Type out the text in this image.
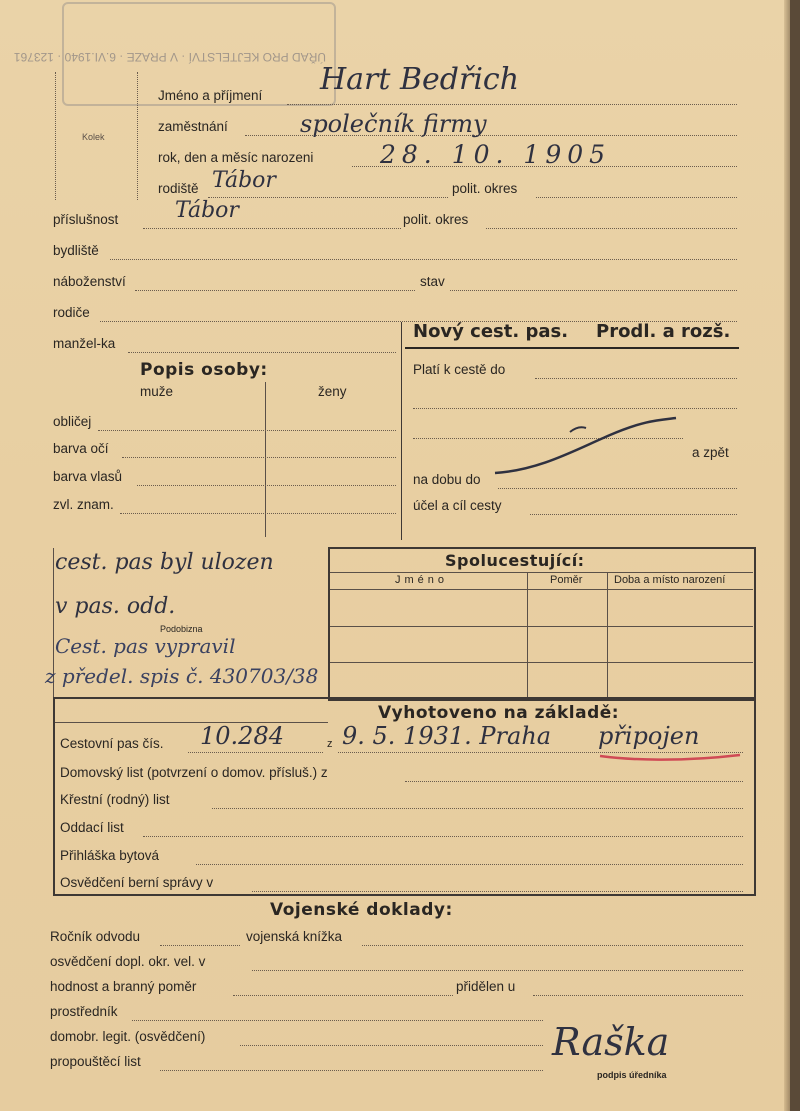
ÚŘAD PRO KEJTELSTVÍ · V PRAZE · 6.VI.1940 · 123761
Kolek
Jméno a příjmení Hart Bedřich
zaměstnání	společník firmy
rok, den a měsíc narozeni	28. 10. 1905
rodiště Tábor	polit. okres
příslušnost	Tábor	polit. okres
bydliště
náboženství	stav
rodiče
manžel-ka
Nový cest. pas. Prodl. a rozš.
Platí k cestě do
a zpět
na dobu do
účel a cíl cesty
Popis osoby:
muže	ženy
obličej
barva očí
barva vlasů
zvl. znam.
Podobizna
cest. pas byl ulozen
v pas. odd.
Cest. pas vypravil
z předel. spis č. 430703/38
Spolucestující:
Jméno	Poměr	Doba a místo narození
Vyhotoveno na základě:
Cestovní pas čís. 10.284	z 9. 5. 1931. Praha připojen
Domovský list (potvrzení o domov. přísluš.) z
Křestní (rodný) list
Oddací list
Přihláška bytová
Osvědčení berní správy v
Vojenské doklady:
Ročník odvodu	vojenská knížka
osvědčení dopl. okr. vel. v
hodnost a branný poměr	přidělen u
prostředník
domobr. legit. (osvědčení)
propouštěcí list	Raška
podpis úředníka
